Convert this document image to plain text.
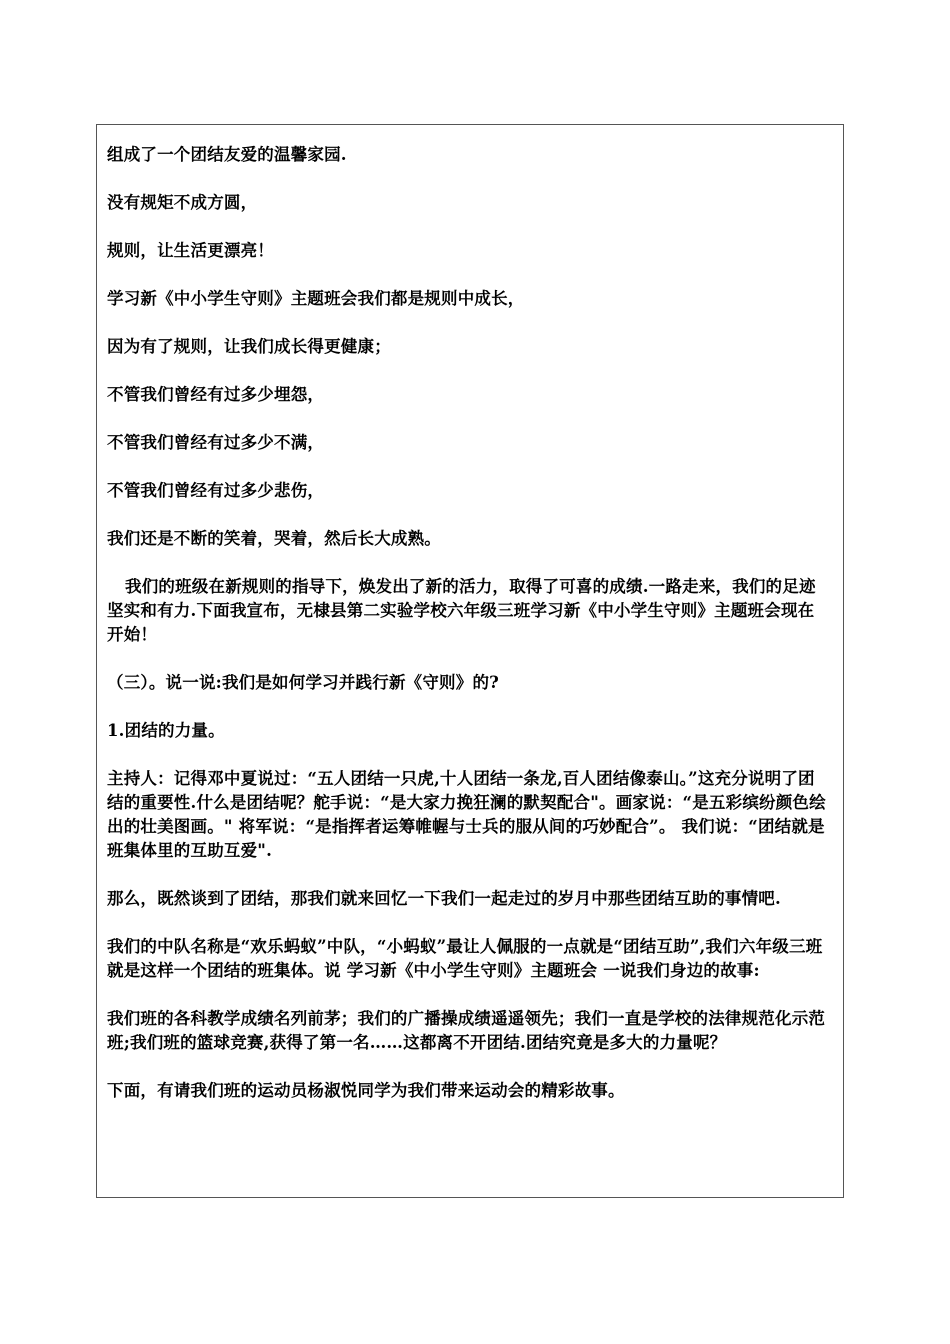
组成了一个团结友爱的温馨家园.

没有规矩不成方圆，

规则，让生活更漂亮！

学习新《中小学生守则》主题班会我们都是规则中成长，

因为有了规则，让我们成长得更健康；

不管我们曾经有过多少埋怨，

不管我们曾经有过多少不满，

不管我们曾经有过多少悲伤，

我们还是不断的笑着，哭着，然后长大成熟。

我们的班级在新规则的指导下，焕发出了新的活力，取得了可喜的成绩.一路走来，我们的足迹坚实和有力.下面我宣布，无棣县第二实验学校六年级三班学习新《中小学生守则》主题班会现在开始！

（三）。说一说:我们是如何学习并践行新《守则》的?

1.团结的力量。

主持人：记得邓中夏说过：“五人团结一只虎,十人团结一条龙,百人团结像泰山。”这充分说明了团结的重要性.什么是团结呢？舵手说：“是大家力挽狂澜的默契配合"。画家说：“是五彩缤纷颜色绘出的壮美图画。" 将军说：“是指挥者运筹帷幄与士兵的服从间的巧妙配合”。 我们说：“团结就是班集体里的互助互爱".

那么，既然谈到了团结，那我们就来回忆一下我们一起走过的岁月中那些团结互助的事情吧.

我们的中队名称是“欢乐蚂蚁”中队，“小蚂蚁”最让人佩服的一点就是“团结互助”,我们六年级三班就是这样一个团结的班集体。说 学习新《中小学生守则》主题班会 一说我们身边的故事:

我们班的各科教学成绩名列前茅；我们的广播操成绩遥遥领先；我们一直是学校的法律规范化示范班;我们班的篮球竞赛,获得了第一名……这都离不开团结.团结究竟是多大的力量呢？

下面，有请我们班的运动员杨淑悦同学为我们带来运动会的精彩故事。
